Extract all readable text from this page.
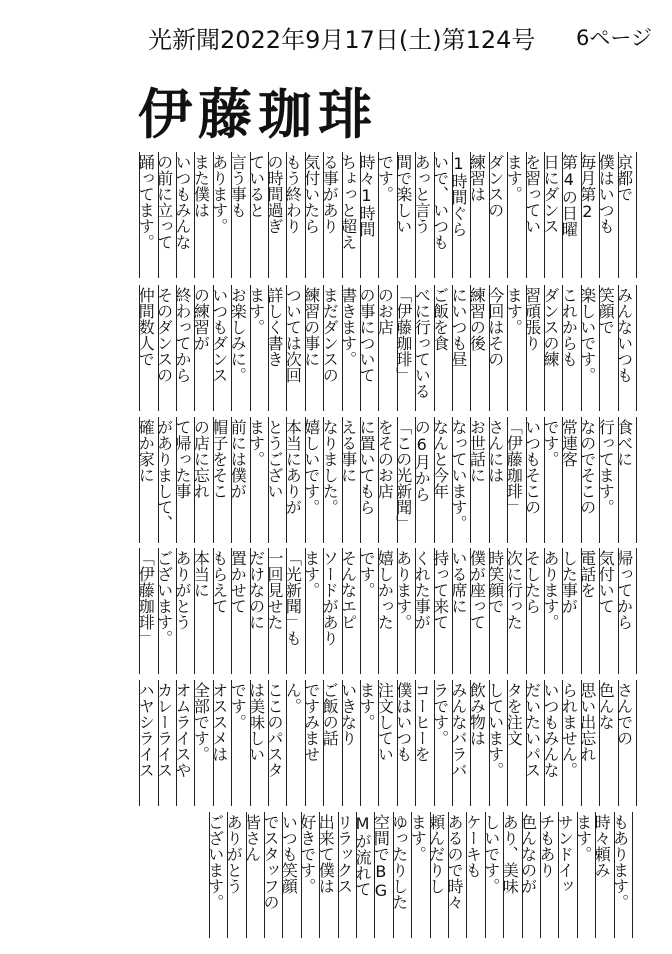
光新聞2022年9月17日(土)第124号 6ページ
伊藤珈琲
京都で
僕はいつも
毎月第2
第4の日曜
日にダンス
を習ってい
ます。
ダンスの
練習は
1時間ぐら
いで、いつも
あっと言う
間で楽しい
です。
時々1時間
ちょっと超え
る事があり
気付いたら
もう終わり
の時間過ぎ
ていると
言う事も
あります。
また僕は
いつもみんな
の前に立って
踊ってます。
みんないつも
笑顔で
楽しいです。
これからも
ダンスの練
習頑張り
ます。
今回はその
練習の後
にいつも昼
ご飯を食
べに行っている
「伊藤珈琲」
のお店
の事について
書きます。
まだダンスの
練習の事に
ついては次回
詳しく書き
ます。
お楽しみに。
いつもダンス
の練習が
終わってから
そのダンスの
仲間数人で
食べに
行ってます。
なのでそこの
常連客
です。
いつもそこの
「伊藤珈琲」
さんには
お世話に
なっています。
なんと今年
の6月から
「この光新聞」
をそのお店
に置いてもら
える事に
なりました。
嬉しいです。
本当にありが
とうござい
ます。
前には僕が
帽子をそこ
の店に忘れ
て帰った事
がありまして、
確か家に
帰ってから
気付いて
電話を
した事が
あります。
そしたら
次に行った
時笑顔で
僕が座って
いる席に
持って来て
くれた事が
あります。
嬉しかった
です。
そんなエピ
ソードがあり
ます。
「光新聞」も
一回見せた
だけなのに
置かせて
もらえて
本当に
ありがとう
ございます。
「伊藤珈琲」
さんでの
色んな
思い出忘れ
られません。
いつもみんな
だいたいパス
タを注文
しています。
飲み物は
みんなバラバ
ラです。
コーヒーを
僕はいつも
注文してい
ます。
いきなり
ご飯の話
ですみませ
ん。
ここのパスタ
は美味しい
です。
オススメは
全部です。
オムライスや
カレーライス
ハヤシライス
もあります。
時々頼み
ます。
サンドイッ
チもあり
色んなのが
あり、美味
しいです。
ケーキも
あるので時々
頼んだりし
ます。
ゆったりした
空間でBG
Mが流れて
リラックス
出来て僕は
好きです。
いつも笑顔
でスタッフの
皆さん
ありがとう
ございます。
